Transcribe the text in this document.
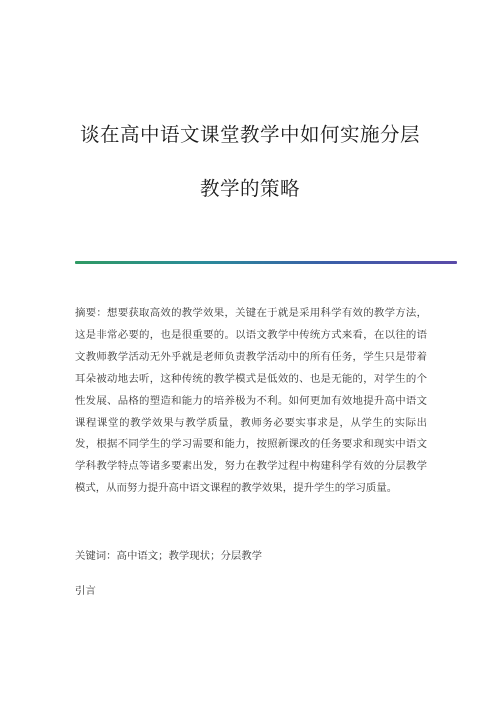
谈在高中语文课堂教学中如何实施分层
教学的策略

摘要：想要获取高效的教学效果，关键在于就是采用科学有效的教学方法，这是非常必要的，也是很重要的。以语文教学中传统方式来看，在以往的语文教师教学活动无外乎就是老师负责教学活动中的所有任务，学生只是带着耳朵被动地去听，这种传统的教学模式是低效的、也是无能的，对学生的个性发展、品格的塑造和能力的培养极为不利。如何更加有效地提升高中语文课程课堂的教学效果与教学质量，教师务必要实事求是，从学生的实际出发，根据不同学生的学习需要和能力，按照新课改的任务要求和现实中语文学科教学特点等诸多要素出发，努力在教学过程中构建科学有效的分层教学模式，从而努力提升高中语文课程的教学效果，提升学生的学习质量。

关键词：高中语文；教学现状；分层教学
引言
